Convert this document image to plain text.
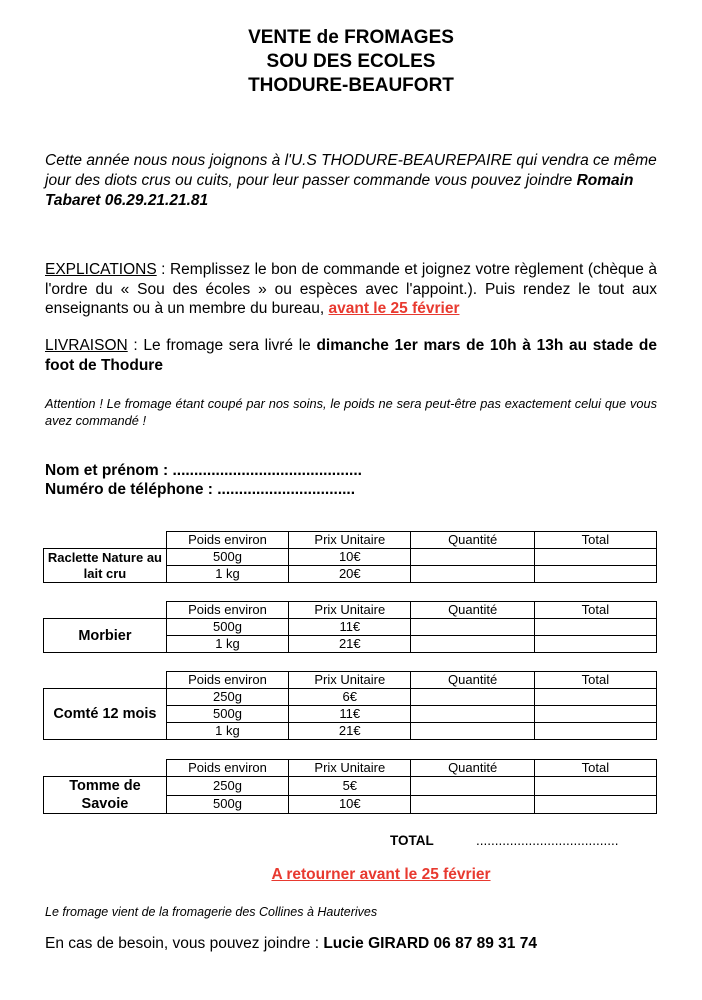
VENTE de FROMAGES
SOU DES ECOLES
THODURE-BEAUFORT
Cette année nous nous joignons à l'U.S THODURE-BEAUREPAIRE qui vendra ce même jour des diots crus ou cuits, pour leur passer commande vous pouvez joindre Romain Tabaret 06.29.21.21.81
EXPLICATIONS : Remplissez le bon de commande et joignez votre règlement (chèque à l'ordre du « Sou des écoles » ou espèces avec l'appoint.). Puis rendez le tout aux enseignants ou à un membre du bureau, avant le 25 février
LIVRAISON : Le fromage sera livré le dimanche 1er mars de 10h à 13h au stade de foot de Thodure
Attention ! Le fromage étant coupé par nos soins, le poids ne sera peut-être pas exactement celui que vous avez commandé !
Nom et prénom : ............................................
Numéro de téléphone : ................................
	Poids environ	Prix Unitaire	Quantité	Total
Raclette Nature au lait cru	500g	10€		
	1 kg	20€		
	Poids environ	Prix Unitaire	Quantité	Total
Morbier	500g	11€		
	1 kg	21€		
	Poids environ	Prix Unitaire	Quantité	Total
Comté 12 mois	250g	6€		
	500g	11€		
	1 kg	21€		
	Poids environ	Prix Unitaire	Quantité	Total
Tomme de Savoie	250g	5€		
	500g	10€		
TOTAL	......................................
A retourner avant le 25 février
Le fromage vient de la fromagerie des Collines à Hauterives
En cas de besoin, vous pouvez joindre : Lucie GIRARD 06 87 89 31 74
